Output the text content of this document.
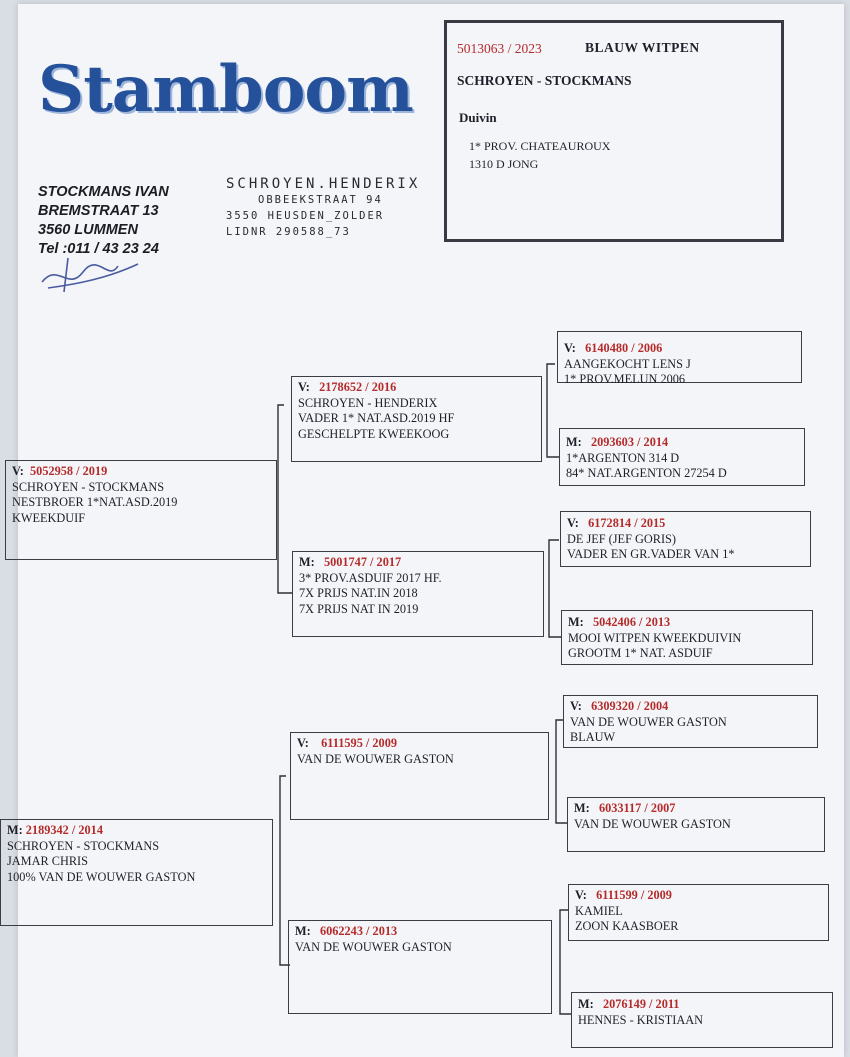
Stamboom
STOCKMANS IVAN
BREMSTRAAT 13
3560 LUMMEN
Tel :011 / 43 23 24
SCHROYEN.HENDERIX
OBBEEKSTRAAT 94
3550 HEUSDEN_ZOLDER
LIDNR 290588_73
5013063 / 2023	BLAUW WITPEN
SCHROYEN - STOCKMANS
Duivin
1* PROV. CHATEAUROUX
1310 D JONG
V: 5052958 / 2019
SCHROYEN - STOCKMANS
NESTBROER 1*NAT.ASD.2019
KWEEKDUIF
M: 2189342 / 2014
SCHROYEN - STOCKMANS
JAMAR CHRIS
100% VAN DE WOUWER GASTON
V: 2178652 / 2016
SCHROYEN - HENDERIX
VADER 1* NAT.ASD.2019 HF
GESCHELPTE KWEEKOOG
M: 5001747 / 2017
3* PROV.ASDUIF 2017 HF.
7X PRIJS NAT.IN 2018
7X PRIJS NAT IN 2019
V: 6111595 / 2009
VAN DE WOUWER GASTON
M: 6062243 / 2013
VAN DE WOUWER GASTON
V: 6140480 / 2006
AANGEKOCHT LENS J
1* PROV.MELUN 2006
M: 2093603 / 2014
1*ARGENTON 314 D
84* NAT.ARGENTON 27254 D
V: 6172814 / 2015
DE JEF (JEF GORIS)
VADER EN GR.VADER VAN 1*
M: 5042406 / 2013
MOOI WITPEN KWEEKDUIVIN
GROOTM 1* NAT. ASDUIF
V: 6309320 / 2004
VAN DE WOUWER GASTON
BLAUW
M: 6033117 / 2007
VAN DE WOUWER GASTON
V: 6111599 / 2009
KAMIEL
ZOON KAASBOER
M: 2076149 / 2011
HENNES - KRISTIAAN
